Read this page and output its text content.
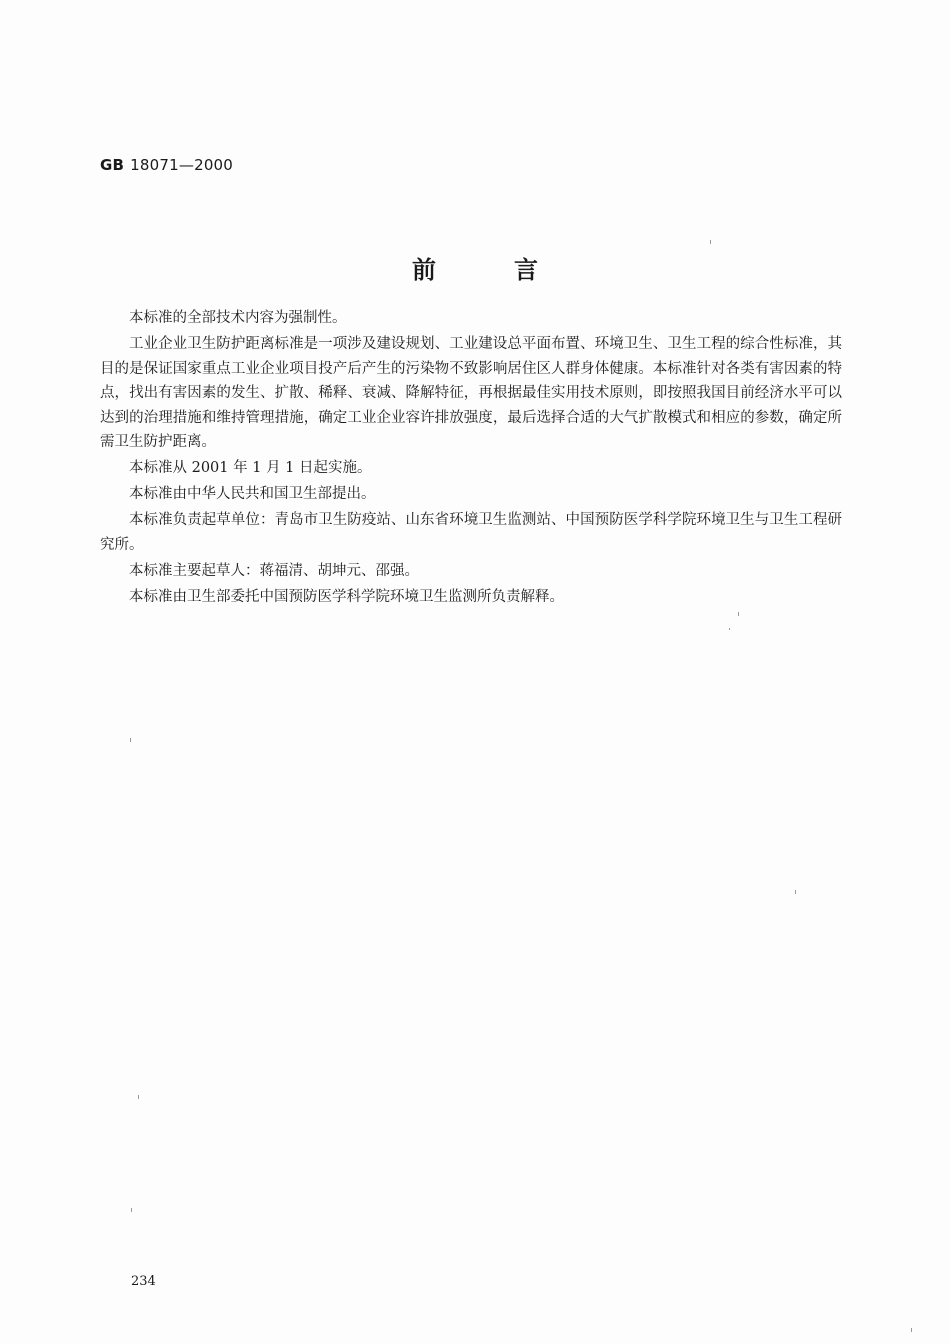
GB 18071—2000
前言

本标准的全部技术内容为强制性。

工业企业卫生防护距离标准是一项涉及建设规划、工业建设总平面布置、环境卫生、卫生工程的综合性标准，其目的是保证国家重点工业企业项目投产后产生的污染物不致影响居住区人群身体健康。本标准针对各类有害因素的特点，找出有害因素的发生、扩散、稀释、衰减、降解特征，再根据最佳实用技术原则，即按照我国目前经济水平可以达到的治理措施和维持管理措施，确定工业企业容许排放强度，最后选择合适的大气扩散模式和相应的参数，确定所需卫生防护距离。

本标准从 2001 年 1 月 1 日起实施。

本标准由中华人民共和国卫生部提出。

本标准负责起草单位：青岛市卫生防疫站、山东省环境卫生监测站、中国预防医学科学院环境卫生与卫生工程研究所。

本标准主要起草人：蒋福清、胡坤元、邵强。

本标准由卫生部委托中国预防医学科学院环境卫生监测所负责解释。

234
